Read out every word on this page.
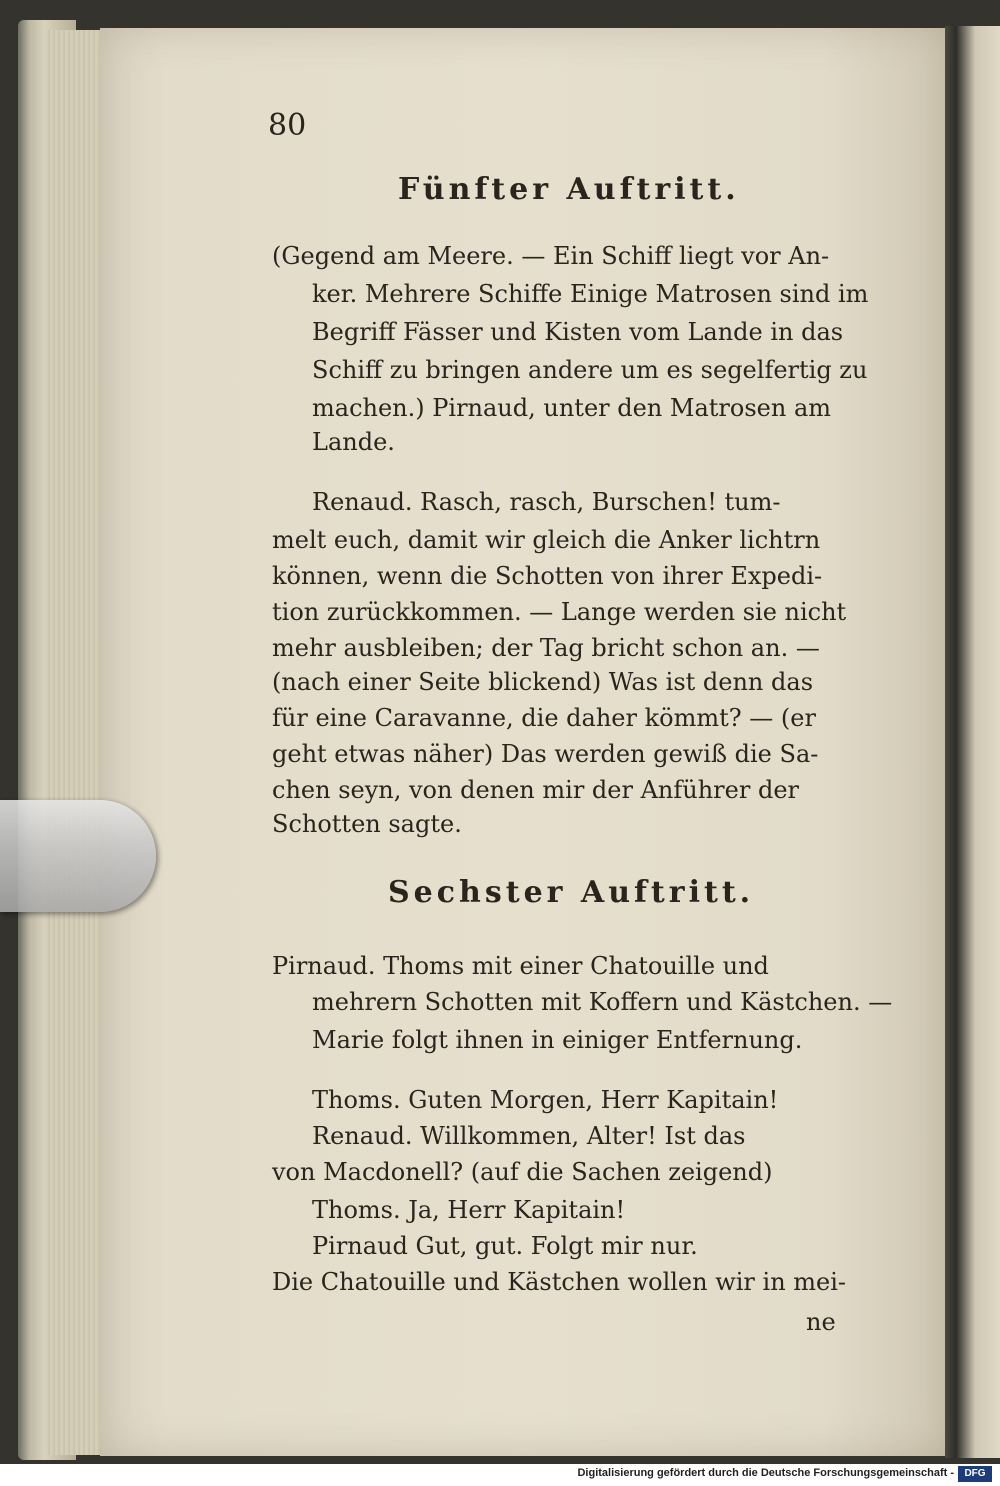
80
Fünfter Auftritt.
(Gegend am Meere. — Ein Schiff liegt vor An-
ker. Mehrere Schiffe Einige Matrosen sind im
Begriff Fässer und Kisten vom Lande in das
Schiff zu bringen andere um es segelfertig zu
machen.) Pirnaud, unter den Matrosen am
Lande.
Renaud. Rasch, rasch, Burschen! tum-
melt euch, damit wir gleich die Anker lichtrn
können, wenn die Schotten von ihrer Expedi-
tion zurückkommen. — Lange werden sie nicht
mehr ausbleiben; der Tag bricht schon an. —
(nach einer Seite blickend) Was ist denn das
für eine Caravanne, die daher kömmt? — (er
geht etwas näher) Das werden gewiß die Sa-
chen seyn, von denen mir der Anführer der
Schotten sagte.
Sechster Auftritt.
Pirnaud. Thoms mit einer Chatouille und
mehrern Schotten mit Koffern und Kästchen. —
Marie folgt ihnen in einiger Entfernung.
Thoms. Guten Morgen, Herr Kapitain!
Renaud. Willkommen, Alter! Ist das
von Macdonell? (auf die Sachen zeigend)
Thoms. Ja, Herr Kapitain!
Pirnaud Gut, gut. Folgt mir nur.
Die Chatouille und Kästchen wollen wir in mei-
ne
Digitalisierung gefördert durch die Deutsche Forschungsgemeinschaft -	DFG
